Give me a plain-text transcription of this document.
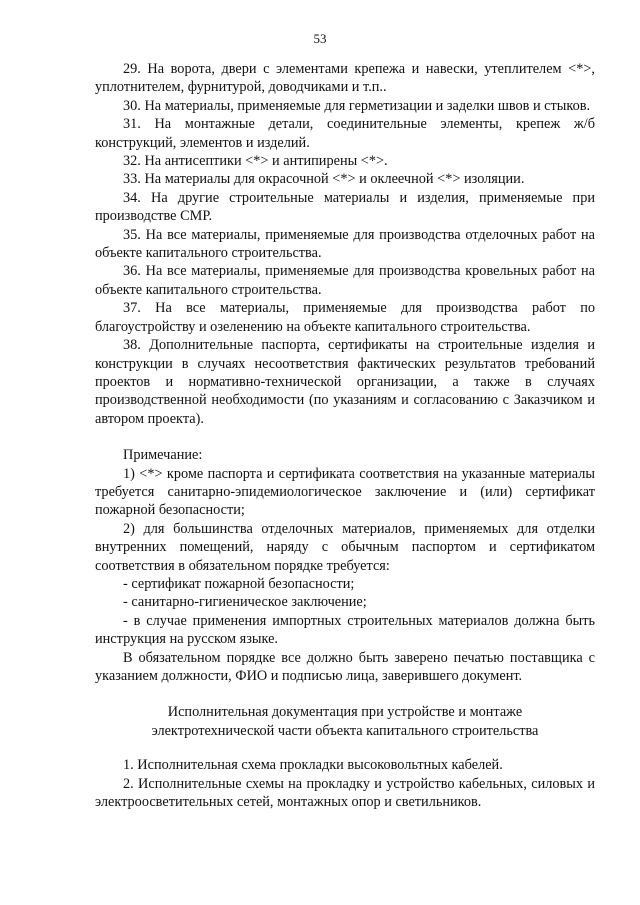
53

29. На ворота, двери с элементами крепежа и навески, утеплителем <*>, уплотнителем, фурнитурой, доводчиками и т.п..

30. На материалы, применяемые для герметизации и заделки швов и стыков.

31. На монтажные детали, соединительные элементы, крепеж ж/б конструкций, элементов и изделий.

32. На антисептики <*> и антипирены <*>.

33. На материалы для окрасочной <*> и оклеечной <*> изоляции.

34. На другие строительные материалы и изделия, применяемые при производстве СМР.

35. На все материалы, применяемые для производства отделочных работ на объекте капитального строительства.

36. На все материалы, применяемые для производства кровельных работ на объекте капитального строительства.

37. На все материалы, применяемые для производства работ по благоустройству и озеленению на объекте капитального строительства.

38. Дополнительные паспорта, сертификаты на строительные изделия и конструкции в случаях несоответствия фактических результатов требований проектов и нормативно-технической организации, а также в случаях производственной необходимости (по указаниям и согласованию с Заказчиком и автором проекта).

Примечание:

1) <*> кроме паспорта и сертификата соответствия на указанные материалы требуется санитарно-эпидемиологическое заключение и (или) сертификат пожарной безопасности;

2) для большинства отделочных материалов, применяемых для отделки внутренних помещений, наряду с обычным паспортом и сертификатом соответствия в обязательном порядке требуется:

- сертификат пожарной безопасности;

- санитарно-гигиеническое заключение;

- в случае применения импортных строительных материалов должна быть инструкция на русском языке.

В обязательном порядке все должно быть заверено печатью поставщика с указанием должности, ФИО и подписью лица, заверившего документ.

Исполнительная документация при устройстве и монтаже

электротехнической части объекта капитального строительства

1. Исполнительная схема прокладки высоковольтных кабелей.

2. Исполнительные схемы на прокладку и устройство кабельных, силовых и электроосветительных сетей, монтажных опор и светильников.
